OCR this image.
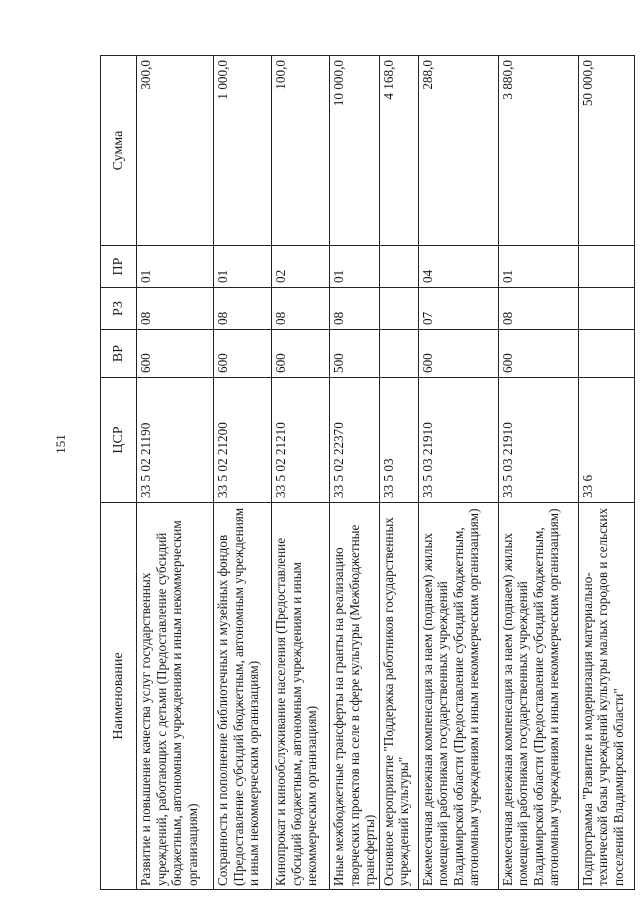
151
Наименование	ЦСР	ВР	РЗ	ПР	Сумма
Развитие и повышение качества услуг государственных учреждений, работающих с детьми (Предоставление субсидий бюджетным, автономным учреждениям и иным некоммерческим организациям)	33 5 02 21190	600	08	01	300,0
Сохранность и пополнение библиотечных и музейных фондов (Предоставление субсидий бюджетным, автономным учреждениям и иным некоммерческим организациям)	33 5 02 21200	600	08	01	1 000,0
Кинопрокат и кинообслуживание населения (Предоставление субсидий бюджетным, автономным учреждениям и иным некоммерческим организациям)	33 5 02 21210	600	08	02	100,0
Иные межбюджетные трансферты на гранты на реализацию творческих проектов на селе в сфере культуры (Межбюджетные трансферты)	33 5 02 22370	500	08	01	10 000,0
Основное мероприятие "Поддержка работников государственных учреждений культуры"	33 5 03				4 168,0
Ежемесячная денежная компенсация за наем (поднаем) жилых помещений работникам государственных учреждений Владимирской области (Предоставление субсидий бюджетным, автономным учреждениям и иным некоммерческим организациям)	33 5 03 21910	600	07	04	288,0
Ежемесячная денежная компенсация за наем (поднаем) жилых помещений работникам государственных учреждений Владимирской области (Предоставление субсидий бюджетным, автономным учреждениям и иным некоммерческим организациям)	33 5 03 21910	600	08	01	3 880,0
Подпрограмма "Развитие и модернизация материально-технической базы учреждений культуры малых городов и сельских поселений Владимирской области"	33 6				50 000,0
